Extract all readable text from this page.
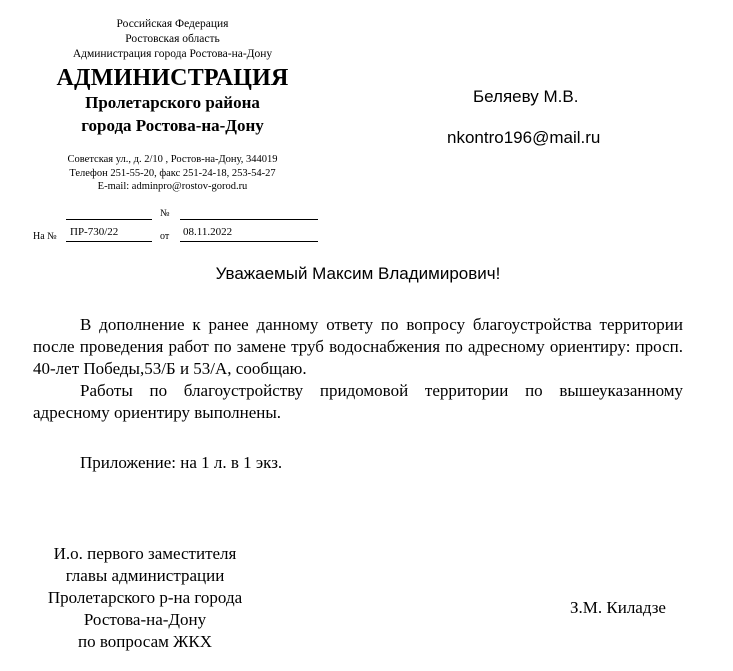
Российская Федерация
Ростовская область
Администрация города Ростова-на-Дону
АДМИНИСТРАЦИЯ
Пролетарского района
города Ростова-на-Дону
Советская ул., д. 2/10 , Ростов-на-Дону, 344019
Телефон 251-55-20, факс 251-24-18, 253-54-27
E-mail: adminpro@rostov-gorod.ru
№
На № ПР-730/22	от 08.11.2022
Беляеву М.В.
nkontro196@mail.ru
Уважаемый Максим Владимирович!
В дополнение к ранее данному ответу по вопросу благоустройства территории после проведения работ по замене труб водоснабжения по адресному ориентиру: просп. 40-лет Победы,53/Б и 53/А, сообщаю.
Работы по благоустройству придомовой территории по вышеуказанному адресному ориентиру выполнены.
Приложение: на 1 л. в 1 экз.
И.о. первого заместителя
главы администрации
Пролетарского р-на города
Ростова-на-Дону
по вопросам ЖКХ
З.М. Киладзе
